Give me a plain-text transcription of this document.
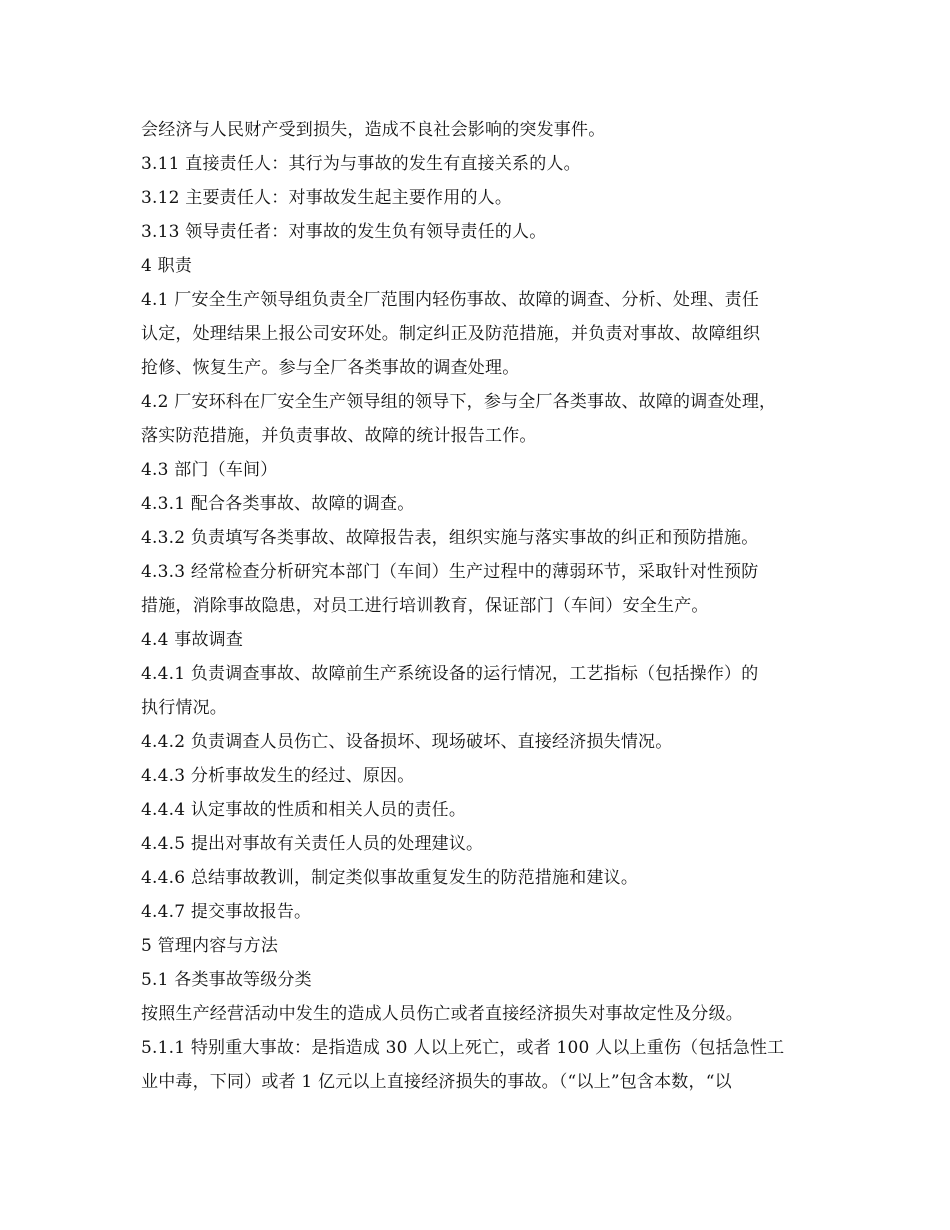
会经济与人民财产受到损失，造成不良社会影响的突发事件。
3.11 直接责任人：其行为与事故的发生有直接关系的人。
3.12 主要责任人：对事故发生起主要作用的人。
3.13 领导责任者：对事故的发生负有领导责任的人。
4 职责
4.1 厂安全生产领导组负责全厂范围内轻伤事故、故障的调查、分析、处理、责任
认定，处理结果上报公司安环处。制定纠正及防范措施，并负责对事故、故障组织
抢修、恢复生产。参与全厂各类事故的调查处理。
4.2 厂安环科在厂安全生产领导组的领导下，参与全厂各类事故、故障的调查处理，
落实防范措施，并负责事故、故障的统计报告工作。
4.3 部门（车间）
4.3.1 配合各类事故、故障的调查。
4.3.2 负责填写各类事故、故障报告表，组织实施与落实事故的纠正和预防措施。
4.3.3 经常检查分析研究本部门（车间）生产过程中的薄弱环节，采取针对性预防
措施，消除事故隐患，对员工进行培训教育，保证部门（车间）安全生产。
4.4 事故调查
4.4.1 负责调查事故、故障前生产系统设备的运行情况，工艺指标（包括操作）的
执行情况。
4.4.2 负责调查人员伤亡、设备损坏、现场破坏、直接经济损失情况。
4.4.3 分析事故发生的经过、原因。
4.4.4 认定事故的性质和相关人员的责任。
4.4.5 提出对事故有关责任人员的处理建议。
4.4.6 总结事故教训，制定类似事故重复发生的防范措施和建议。
4.4.7 提交事故报告。
5 管理内容与方法
5.1 各类事故等级分类
按照生产经营活动中发生的造成人员伤亡或者直接经济损失对事故定性及分级。
5.1.1 特别重大事故：是指造成 30 人以上死亡，或者 100 人以上重伤（包括急性工
业中毒，下同）或者 1 亿元以上直接经济损失的事故。（“以上”包含本数，“以
